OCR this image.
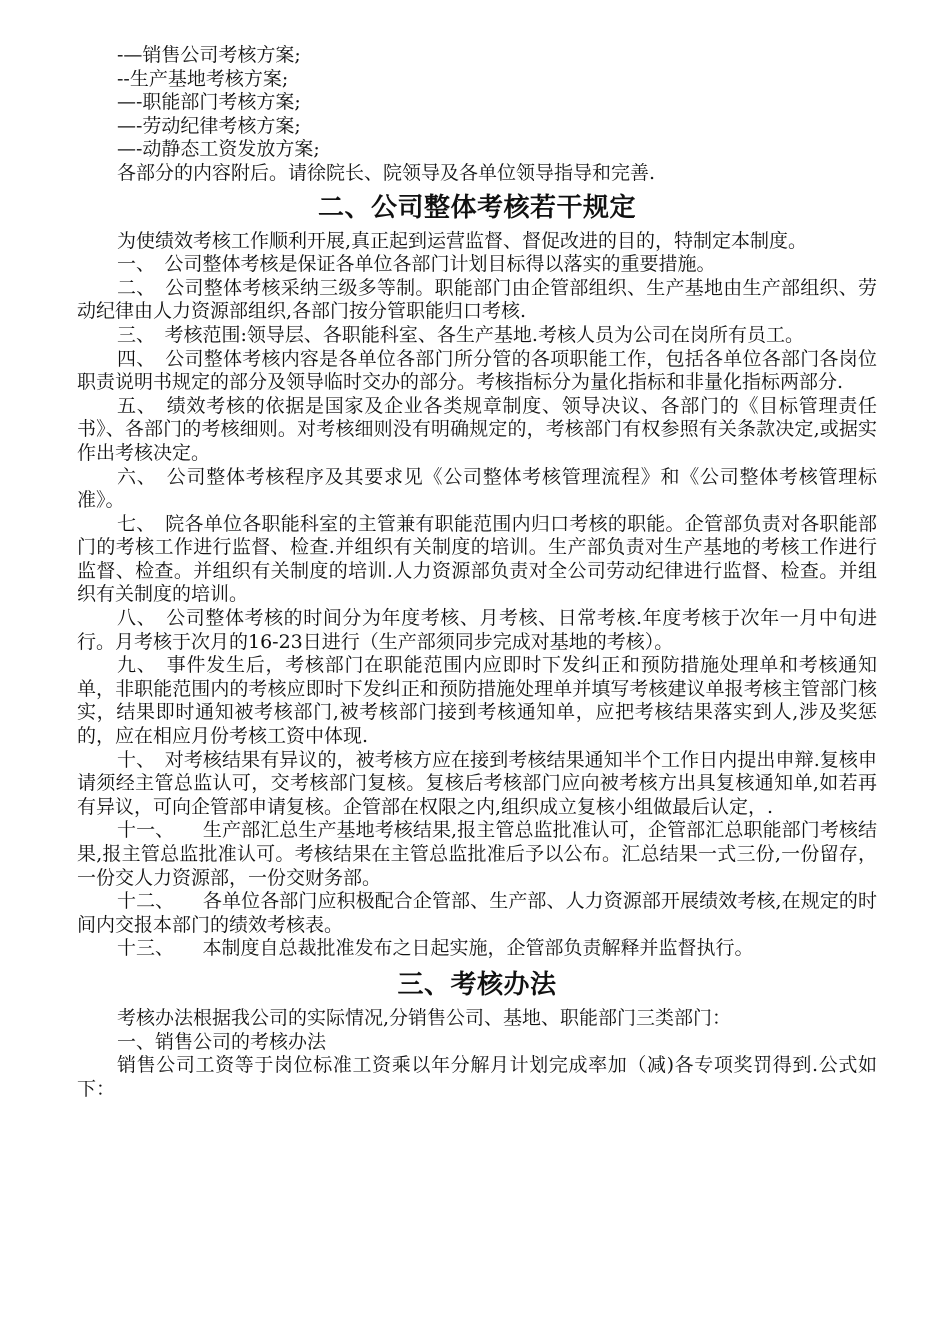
-—销售公司考核方案;

--生产基地考核方案;

—-职能部门考核方案;

—-劳动纪律考核方案;

—-动静态工资发放方案;

各部分的内容附后。请徐院长、院领导及各单位领导指导和完善.

二、公司整体考核若干规定

为使绩效考核工作顺利开展,真正起到运营监督、督促改进的目的，特制定本制度。

一、　公司整体考核是保证各单位各部门计划目标得以落实的重要措施。

二、　公司整体考核采纳三级多等制。职能部门由企管部组织、生产基地由生产部组织、劳动纪律由人力资源部组织,各部门按分管职能归口考核.

三、　考核范围:领导层、各职能科室、各生产基地.考核人员为公司在岗所有员工。

四、　公司整体考核内容是各单位各部门所分管的各项职能工作，包括各单位各部门各岗位职责说明书规定的部分及领导临时交办的部分。考核指标分为量化指标和非量化指标两部分.

五、　绩效考核的依据是国家及企业各类规章制度、领导决议、各部门的《目标管理责任书》、各部门的考核细则。对考核细则没有明确规定的，考核部门有权参照有关条款决定,或据实作出考核决定。

六、　公司整体考核程序及其要求见《公司整体考核管理流程》和《公司整体考核管理标准》。

七、　院各单位各职能科室的主管兼有职能范围内归口考核的职能。企管部负责对各职能部门的考核工作进行监督、检查.并组织有关制度的培训。生产部负责对生产基地的考核工作进行监督、检查。并组织有关制度的培训.人力资源部负责对全公司劳动纪律进行监督、检查。并组织有关制度的培训。

八、　公司整体考核的时间分为年度考核、月考核、日常考核.年度考核于次年一月中旬进行。月考核于次月的16-23日进行（生产部须同步完成对基地的考核）。

九、　事件发生后，考核部门在职能范围内应即时下发纠正和预防措施处理单和考核通知单，非职能范围内的考核应即时下发纠正和预防措施处理单并填写考核建议单报考核主管部门核实，结果即时通知被考核部门,被考核部门接到考核通知单，应把考核结果落实到人,涉及奖惩的，应在相应月份考核工资中体现.

十、　对考核结果有异议的，被考核方应在接到考核结果通知半个工作日内提出申辩.复核申请须经主管总监认可，交考核部门复核。复核后考核部门应向被考核方出具复核通知单,如若再有异议，可向企管部申请复核。企管部在权限之内,组织成立复核小组做最后认定，.

十一、　　生产部汇总生产基地考核结果,报主管总监批准认可，企管部汇总职能部门考核结果,报主管总监批准认可。考核结果在主管总监批准后予以公布。汇总结果一式三份,一份留存，一份交人力资源部，一份交财务部。

十二、　　各单位各部门应积极配合企管部、生产部、人力资源部开展绩效考核,在规定的时间内交报本部门的绩效考核表。

十三、　　本制度自总裁批准发布之日起实施，企管部负责解释并监督执行。

三、考核办法

考核办法根据我公司的实际情况,分销售公司、基地、职能部门三类部门：

一、销售公司的考核办法

销售公司工资等于岗位标准工资乘以年分解月计划完成率加（减)各专项奖罚得到.公式如下：
